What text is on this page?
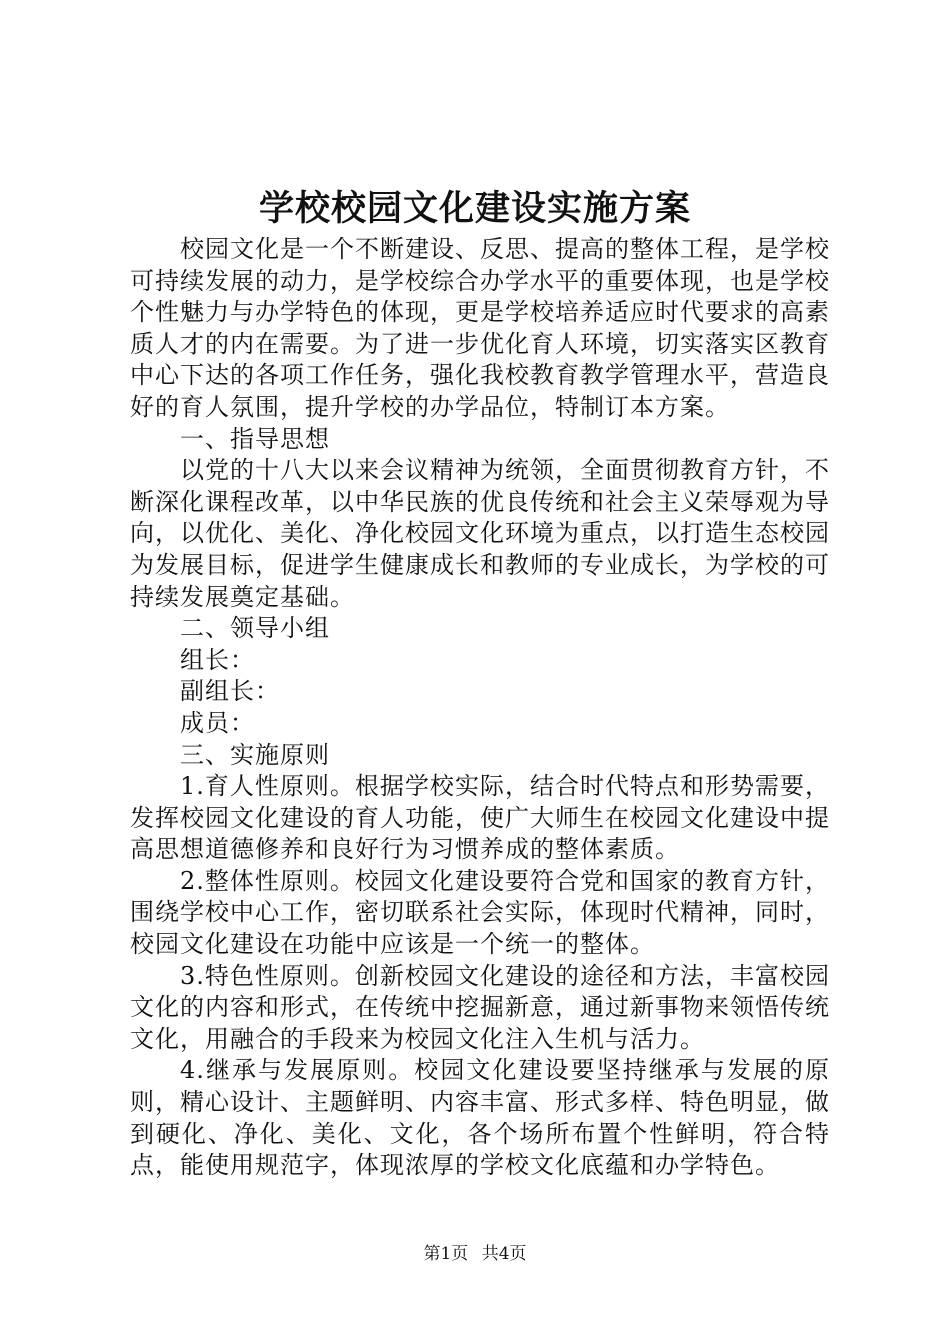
学校校园文化建设实施方案

校园文化是一个不断建设、反思、提高的整体工程，是学校可持续发展的动力，是学校综合办学水平的重要体现，也是学校个性魅力与办学特色的体现，更是学校培养适应时代要求的高素质人才的内在需要。为了进一步优化育人环境，切实落实区教育中心下达的各项工作任务，强化我校教育教学管理水平，营造良好的育人氛围，提升学校的办学品位，特制订本方案。

一、指导思想

以党的十八大以来会议精神为统领，全面贯彻教育方针，不断深化课程改革，以中华民族的优良传统和社会主义荣辱观为导向，以优化、美化、净化校园文化环境为重点，以打造生态校园为发展目标，促进学生健康成长和教师的专业成长，为学校的可持续发展奠定基础。

二、领导小组

组长：

副组长：

成员：

三、实施原则

1.育人性原则。根据学校实际，结合时代特点和形势需要，发挥校园文化建设的育人功能，使广大师生在校园文化建设中提高思想道德修养和良好行为习惯养成的整体素质。

2.整体性原则。校园文化建设要符合党和国家的教育方针，围绕学校中心工作，密切联系社会实际，体现时代精神，同时，校园文化建设在功能中应该是一个统一的整体。

3.特色性原则。创新校园文化建设的途径和方法，丰富校园文化的内容和形式，在传统中挖掘新意，通过新事物来领悟传统文化，用融合的手段来为校园文化注入生机与活力。

4.继承与发展原则。校园文化建设要坚持继承与发展的原则，精心设计、主题鲜明、内容丰富、形式多样、特色明显，做到硬化、净化、美化、文化，各个场所布置个性鲜明，符合特点，能使用规范字，体现浓厚的学校文化底蕴和办学特色。

第1页 共4页
